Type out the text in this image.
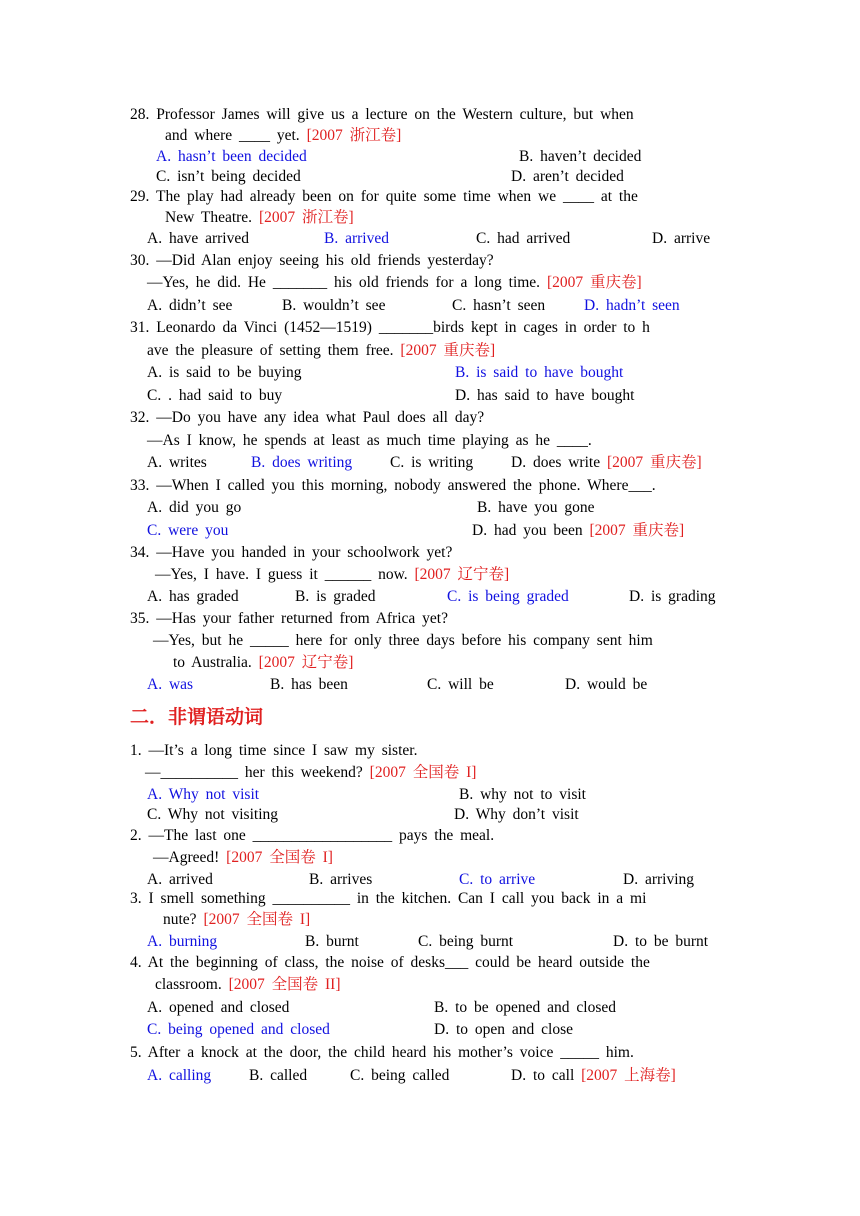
28. Professor James will give us a lecture on the Western culture, but when
and where ____ yet. [2007 浙江卷]
A. hasn’t been decided	B. haven’t decided
C. isn’t being decided	D. aren’t decided
29. The play had already been on for quite some time when we ____ at the
New Theatre. [2007 浙江卷]
A. have arrived	B. arrived	C. had arrived	D. arrive
30. —Did Alan enjoy seeing his old friends yesterday?
—Yes, he did. He _______ his old friends for a long time. [2007 重庆卷]
A. didn’t see	B. wouldn’t see	C. hasn’t seen	D. hadn’t seen
31. Leonardo da Vinci (1452—1519) _______birds kept in cages in order to h
ave the pleasure of setting them free. [2007 重庆卷]
A. is said to be buying	B. is said to have bought
C. . had said to buy	D. has said to have bought
32. —Do you have any idea what Paul does all day?
—As I know, he spends at least as much time playing as he ____.
A. writes	B. does writing C. is writing D. does write [2007 重庆卷]
33. —When I called you this morning, nobody answered the phone. Where___.
A. did you go	B. have you gone
C. were you	D. had you been [2007 重庆卷]
34. —Have you handed in your schoolwork yet?
—Yes, I have. I guess it ______ now. [2007 辽宁卷]
A. has graded	B. is graded	C. is being graded	D. is grading
35. —Has your father returned from Africa yet?
—Yes, but he _____ here for only three days before his company sent him
to Australia. [2007 辽宁卷]
A. was	B. has been	C. will be	D. would be
二．非谓语动词
1. —It’s a long time since I saw my sister.
—__________ her this weekend? [2007 全国卷 I]
A. Why not visit	B. why not to visit
C. Why not visiting	D. Why don’t visit
2. —The last one __________________ pays the meal.
—Agreed! [2007 全国卷 I]
A. arrived	B. arrives	C. to arrive	D. arriving
3. I smell something __________ in the kitchen. Can I call you back in a mi
nute? [2007 全国卷 I]
A. burning	B. burnt	C. being burnt	D. to be burnt
4. At the beginning of class, the noise of desks___ could be heard outside the
classroom. [2007 全国卷 II]
A. opened and closed	B. to be opened and closed
C. being opened and closed	D. to open and close
5. After a knock at the door, the child heard his mother’s voice _____ him.
A. calling B. called	C. being called	D. to call [2007 上海卷]
